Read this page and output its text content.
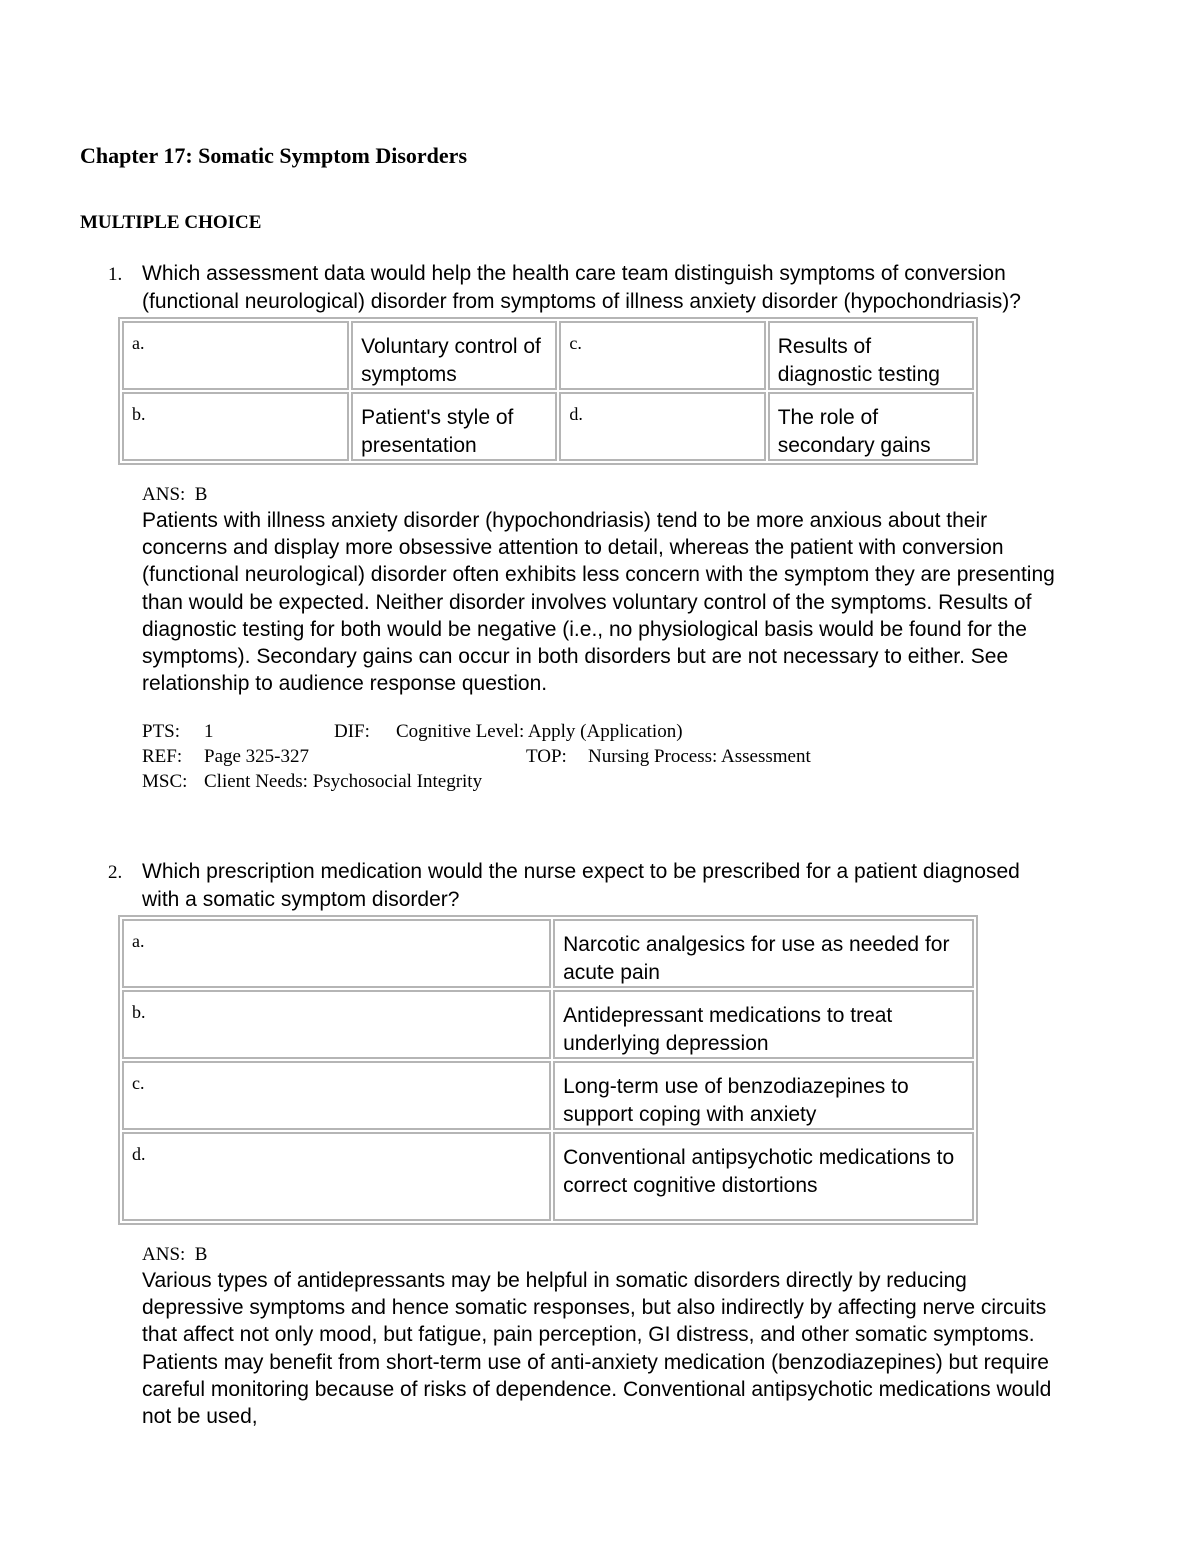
Chapter 17: Somatic Symptom Disorders
MULTIPLE CHOICE
1. Which assessment data would help the health care team distinguish symptoms of conversion (functional neurological) disorder from symptoms of illness anxiety disorder (hypochondriasis)?
a.	Voluntary control of symptoms	c.	Results of diagnostic testing
b.	Patient's style of presentation	d.	The role of secondary gains
ANS:  B
Patients with illness anxiety disorder (hypochondriasis) tend to be more anxious about their concerns and display more obsessive attention to detail, whereas the patient with conversion (functional neurological) disorder often exhibits less concern with the symptom they are presenting than would be expected. Neither disorder involves voluntary control of the symptoms. Results of diagnostic testing for both would be negative (i.e., no physiological basis would be found for the symptoms). Secondary gains can occur in both disorders but are not necessary to either. See relationship to audience response question.
PTS: 1	DIF: Cognitive Level: Apply (Application)
REF: Page 325-327	TOP: Nursing Process: Assessment
MSC: Client Needs: Psychosocial Integrity
2. Which prescription medication would the nurse expect to be prescribed for a patient diagnosed with a somatic symptom disorder?
a.	Narcotic analgesics for use as needed for acute pain
b.	Antidepressant medications to treat underlying depression
c.	Long-term use of benzodiazepines to support coping with anxiety
d.	Conventional antipsychotic medications to correct cognitive distortions
ANS:  B
Various types of antidepressants may be helpful in somatic disorders directly by reducing depressive symptoms and hence somatic responses, but also indirectly by affecting nerve circuits that affect not only mood, but fatigue, pain perception, GI distress, and other somatic symptoms. Patients may benefit from short-term use of anti-anxiety medication (benzodiazepines) but require careful monitoring because of risks of dependence. Conventional antipsychotic medications would not be used,
